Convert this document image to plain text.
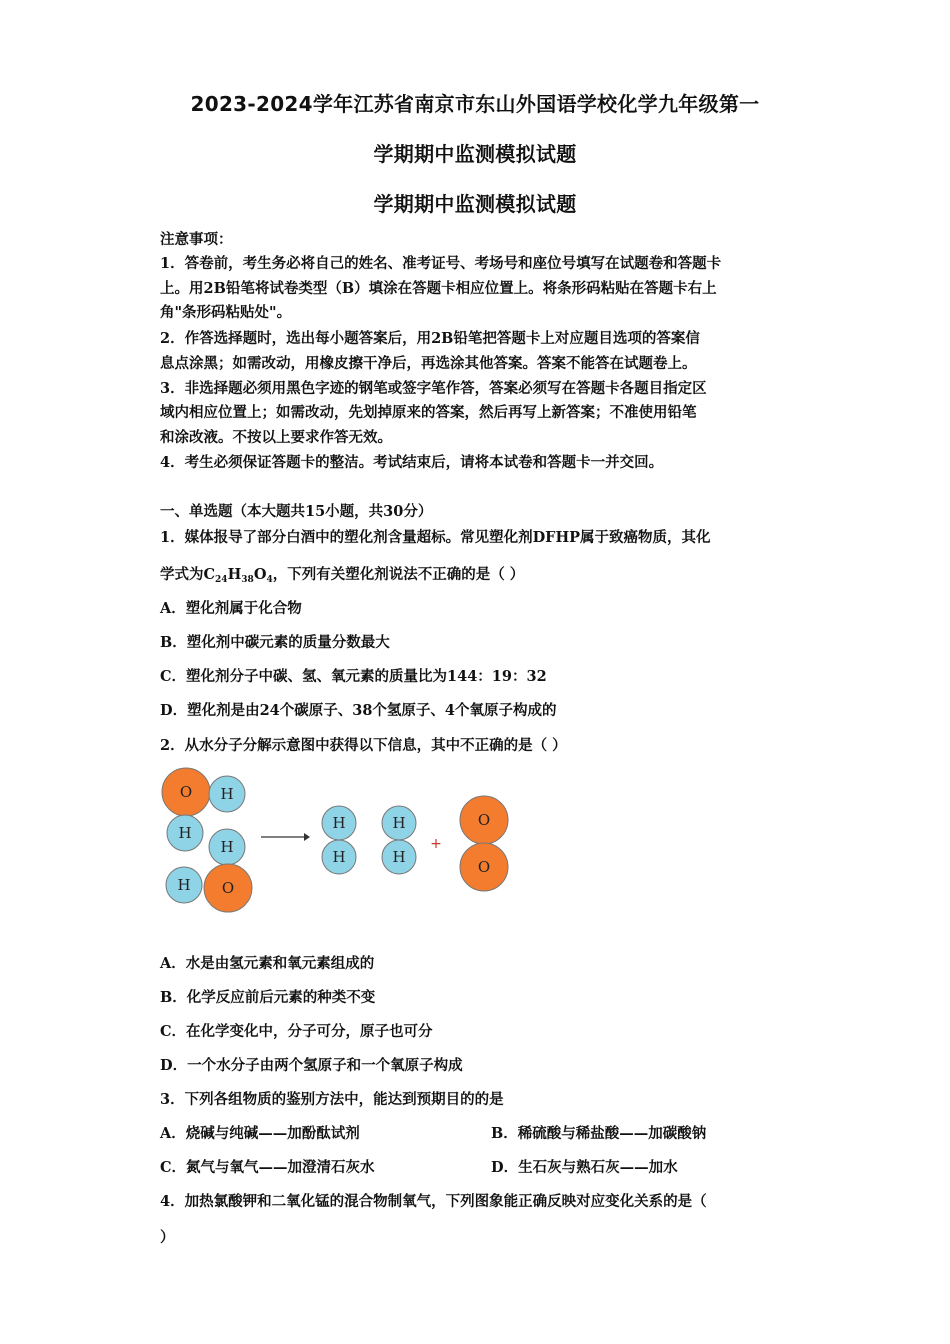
2023-2024学年江苏省南京市东山外国语学校化学九年级第一
学期期中监测模拟试题
学期期中监测模拟试题
注意事项：
1．答卷前，考生务必将自己的姓名、准考证号、考场号和座位号填写在试题卷和答题卡
上。用2B铅笔将试卷类型（B）填涂在答题卡相应位置上。将条形码粘贴在答题卡右上
角"条形码粘贴处"。
2．作答选择题时，选出每小题答案后，用2B铅笔把答题卡上对应题目选项的答案信
息点涂黑；如需改动，用橡皮擦干净后，再选涂其他答案。答案不能答在试题卷上。
3．非选择题必须用黑色字迹的钢笔或签字笔作答，答案必须写在答题卡各题目指定区
域内相应位置上；如需改动，先划掉原来的答案，然后再写上新答案；不准使用铅笔
和涂改液。不按以上要求作答无效。
4．考生必须保证答题卡的整洁。考试结束后，请将本试卷和答题卡一并交回。
一、单选题（本大题共15小题，共30分）
1．媒体报导了部分白酒中的塑化剂含量超标。常见塑化剂DFHP属于致癌物质，其化
学式为$C_{24}H_{38}O_4$，下列有关塑化剂说法不正确的是（ ）
A．塑化剂属于化合物
B．塑化剂中碳元素的质量分数最大
C．塑化剂分子中碳、氢、氧元素的质量比为144：19：32
D．塑化剂是由24个碳原子、38个氢原子、4个氧原子构成的
2．从水分子分解示意图中获得以下信息，其中不正确的是（ ）
O H
H
H
H O
H
H
H
H
+
O
O
A．水是由氢元素和氧元素组成的
B．化学反应前后元素的种类不变
C．在化学变化中，分子可分，原子也可分
D．一个水分子由两个氢原子和一个氧原子构成
3．下列各组物质的鉴别方法中，能达到预期目的的是
A．烧碱与纯碱——加酚酞试剂	B．稀硫酸与稀盐酸——加碳酸钠
C．氮气与氧气——加澄清石灰水	D．生石灰与熟石灰——加水
4．加热氯酸钾和二氧化锰的混合物制氧气，下列图象能正确反映对应变化关系的是（
）
